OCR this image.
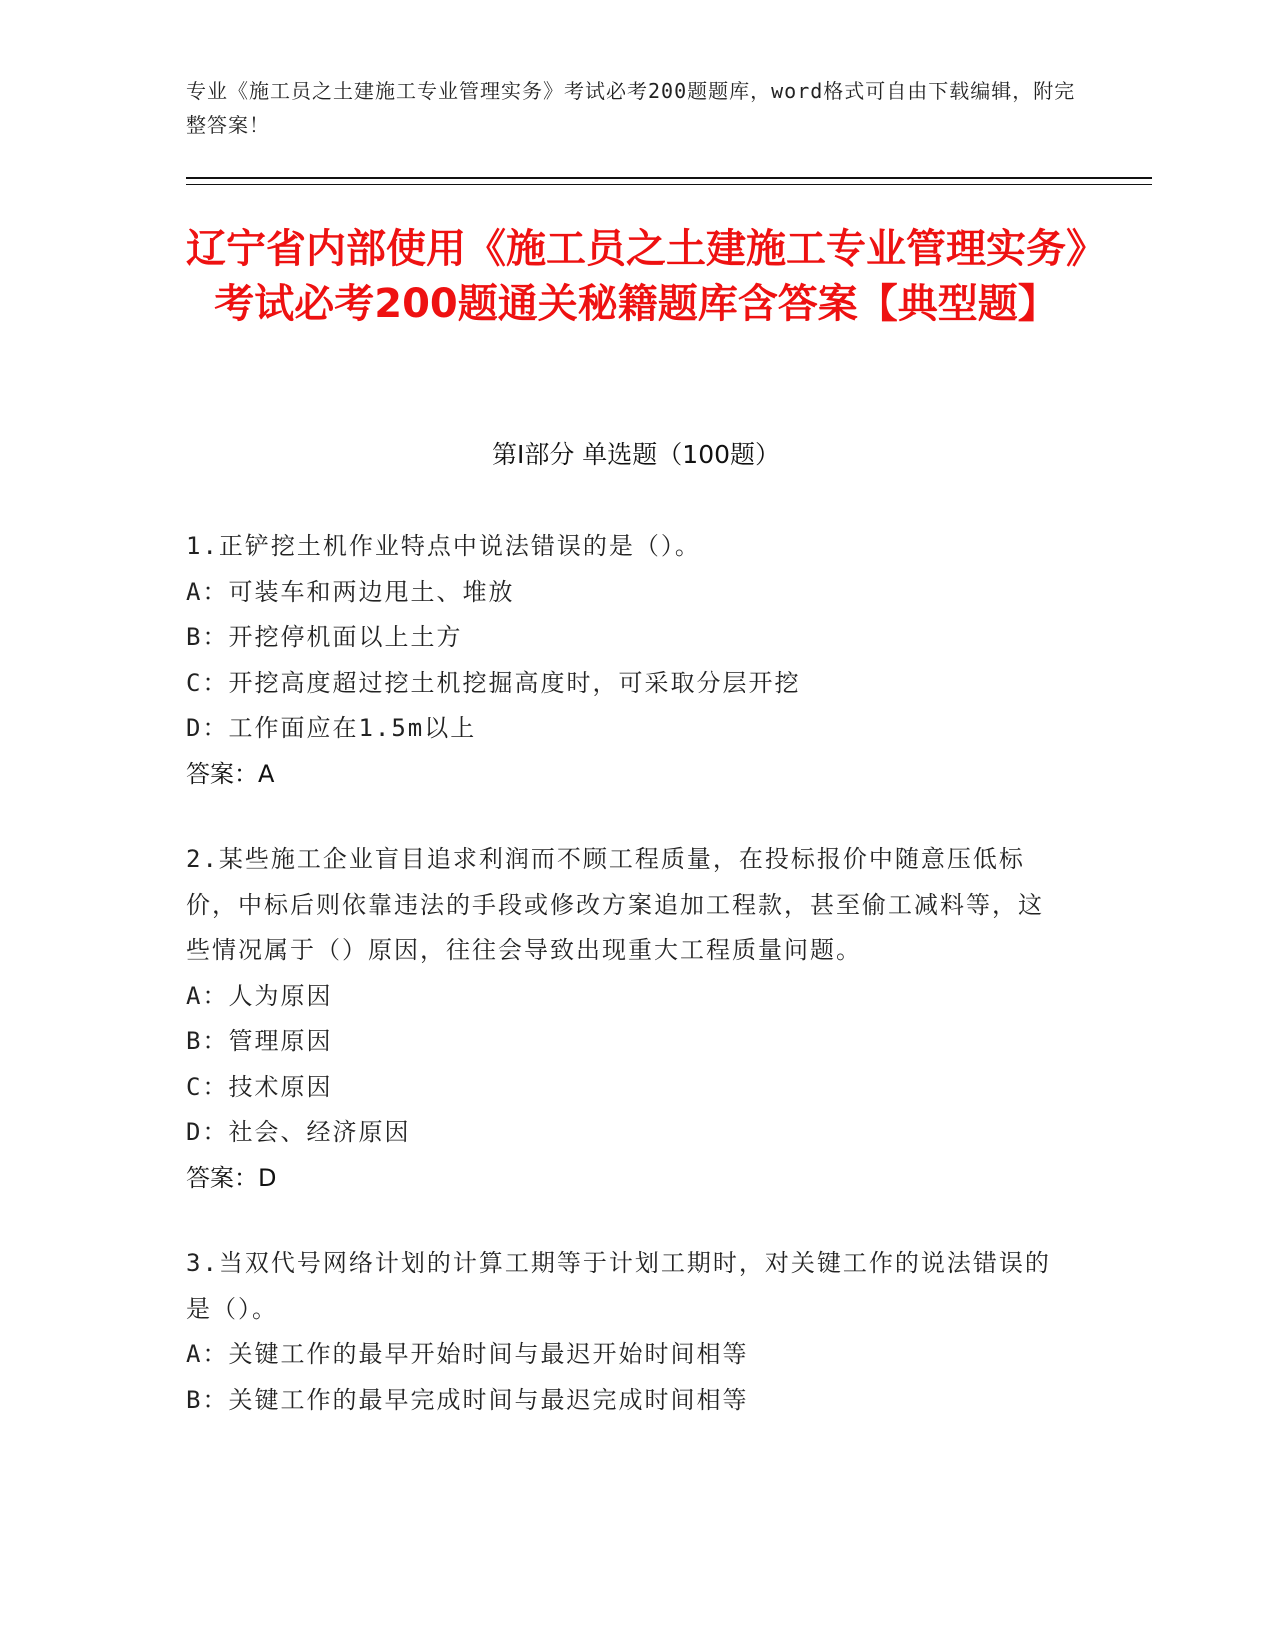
专业《施工员之土建施工专业管理实务》考试必考200题题库，word格式可自由下载编辑，附完整答案！
辽宁省内部使用《施工员之土建施工专业管理实务》考试必考200题通关秘籍题库含答案【典型题】
第I部分 单选题（100题）

1.正铲挖土机作业特点中说法错误的是（）。

A：可装车和两边甩土、堆放

B：开挖停机面以上土方

C：开挖高度超过挖土机挖掘高度时，可采取分层开挖

D：工作面应在1.5m以上

答案：A

2.某些施工企业盲目追求利润而不顾工程质量，在投标报价中随意压低标价，中标后则依靠违法的手段或修改方案追加工程款，甚至偷工减料等，这些情况属于（）原因，往往会导致出现重大工程质量问题。

A：人为原因

B：管理原因

C：技术原因

D：社会、经济原因

答案：D

3.当双代号网络计划的计算工期等于计划工期时，对关键工作的说法错误的是（）。

A：关键工作的最早开始时间与最迟开始时间相等

B：关键工作的最早完成时间与最迟完成时间相等
